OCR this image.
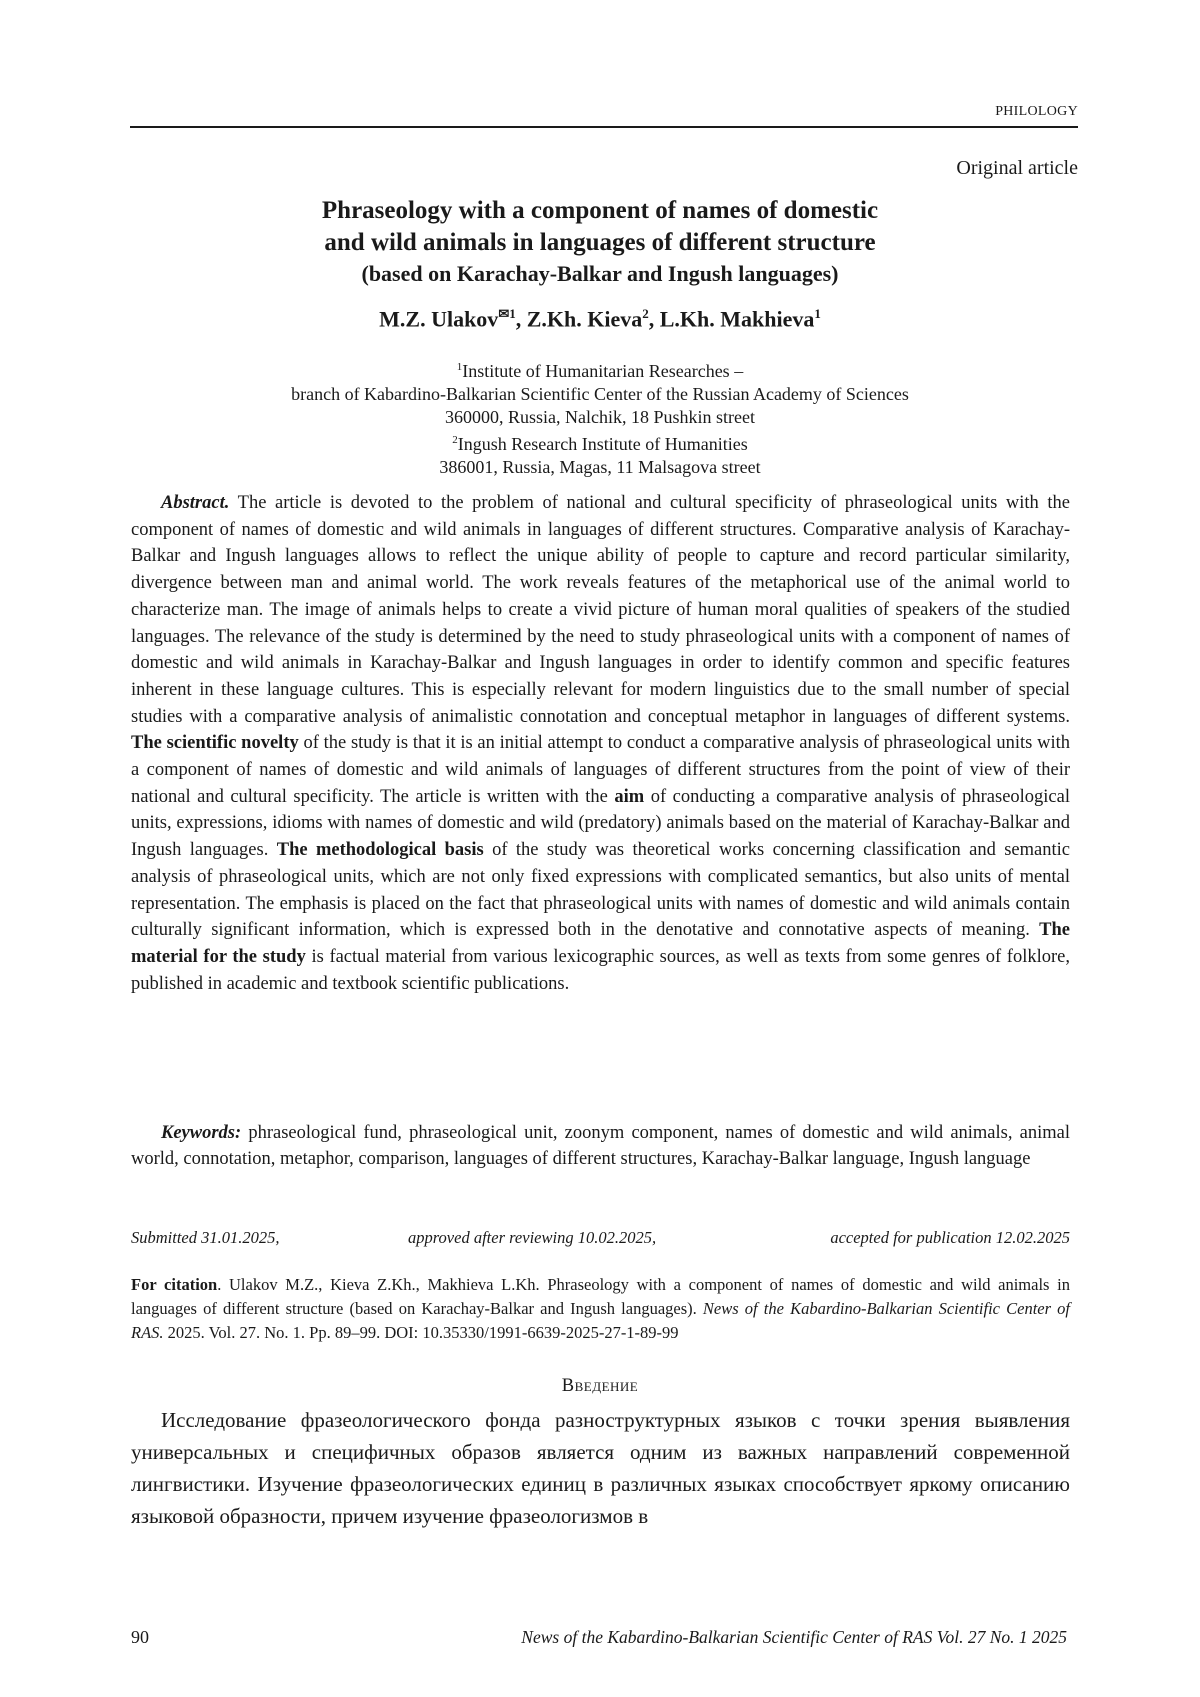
PHILOLOGY
Original article
Phraseology with a component of names of domestic
and wild animals in languages of different structure
(based on Karachay-Balkar and Ingush languages)
M.Z. Ulakov$^{✉1}$, Z.Kh. Kieva$^2$, L.Kh. Makhieva$^1$
$^1$Institute of Humanitarian Researches –
branch of Kabardino-Balkarian Scientific Center of the Russian Academy of Sciences
360000, Russia, Nalchik, 18 Pushkin street
$^2$Ingush Research Institute of Humanities
386001, Russia, Magas, 11 Malsagova street

Abstract. The article is devoted to the problem of national and cultural specificity of phraseological units with the component of names of domestic and wild animals in languages of different structures. Comparative analysis of Karachay-Balkar and Ingush languages allows to reflect the unique ability of people to capture and record particular similarity, divergence between man and animal world. The work reveals features of the metaphorical use of the animal world to characterize man. The image of animals helps to create a vivid picture of human moral qualities of speakers of the studied languages. The relevance of the study is determined by the need to study phraseological units with a component of names of domestic and wild animals in Karachay-Balkar and Ingush languages in order to identify common and specific features inherent in these language cultures. This is especially relevant for modern linguistics due to the small number of special studies with a comparative analysis of animalistic connotation and conceptual metaphor in languages of different systems. The scientific novelty of the study is that it is an initial attempt to conduct a comparative analysis of phraseological units with a component of names of domestic and wild animals of languages of different structures from the point of view of their national and cultural specificity. The article is written with the aim of conducting a comparative analysis of phraseological units, expressions, idioms with names of domestic and wild (predatory) animals based on the material of Karachay-Balkar and Ingush languages. The methodological basis of the study was theoretical works concerning classification and semantic analysis of phraseological units, which are not only fixed expressions with complicated semantics, but also units of mental representation. The emphasis is placed on the fact that phraseological units with names of domestic and wild animals contain culturally significant information, which is expressed both in the denotative and connotative aspects of meaning. The material for the study is factual material from various lexicographic sources, as well as texts from some genres of folklore, published in academic and textbook scientific publications.

Keywords: phraseological fund, phraseological unit, zoonym component, names of domestic and wild animals, animal world, connotation, metaphor, comparison, languages of different structures, Karachay-Balkar language, Ingush language

Submitted 31.01.2025,	approved after reviewing 10.02.2025,	accepted for publication 12.02.2025

For citation. Ulakov M.Z., Kieva Z.Kh., Makhieva L.Kh. Phraseology with a component of names of domestic and wild animals in languages of different structure (based on Karachay-Balkar and Ingush languages). News of the Kabardino-Balkarian Scientific Center of RAS. 2025. Vol. 27. No. 1. Pp. 89–99. DOI: 10.35330/1991-6639-2025-27-1-89-99

Введение

Исследование фразеологического фонда разноструктурных языков с точки зрения выявления универсальных и специфичных образов является одним из важных направлений современной лингвистики. Изучение фразеологических единиц в различных языках способствует яркому описанию языковой образности, причем изучение фразеологизмов в

90	News of the Kabardino-Balkarian Scientific Center of RAS Vol. 27 No. 1 2025
